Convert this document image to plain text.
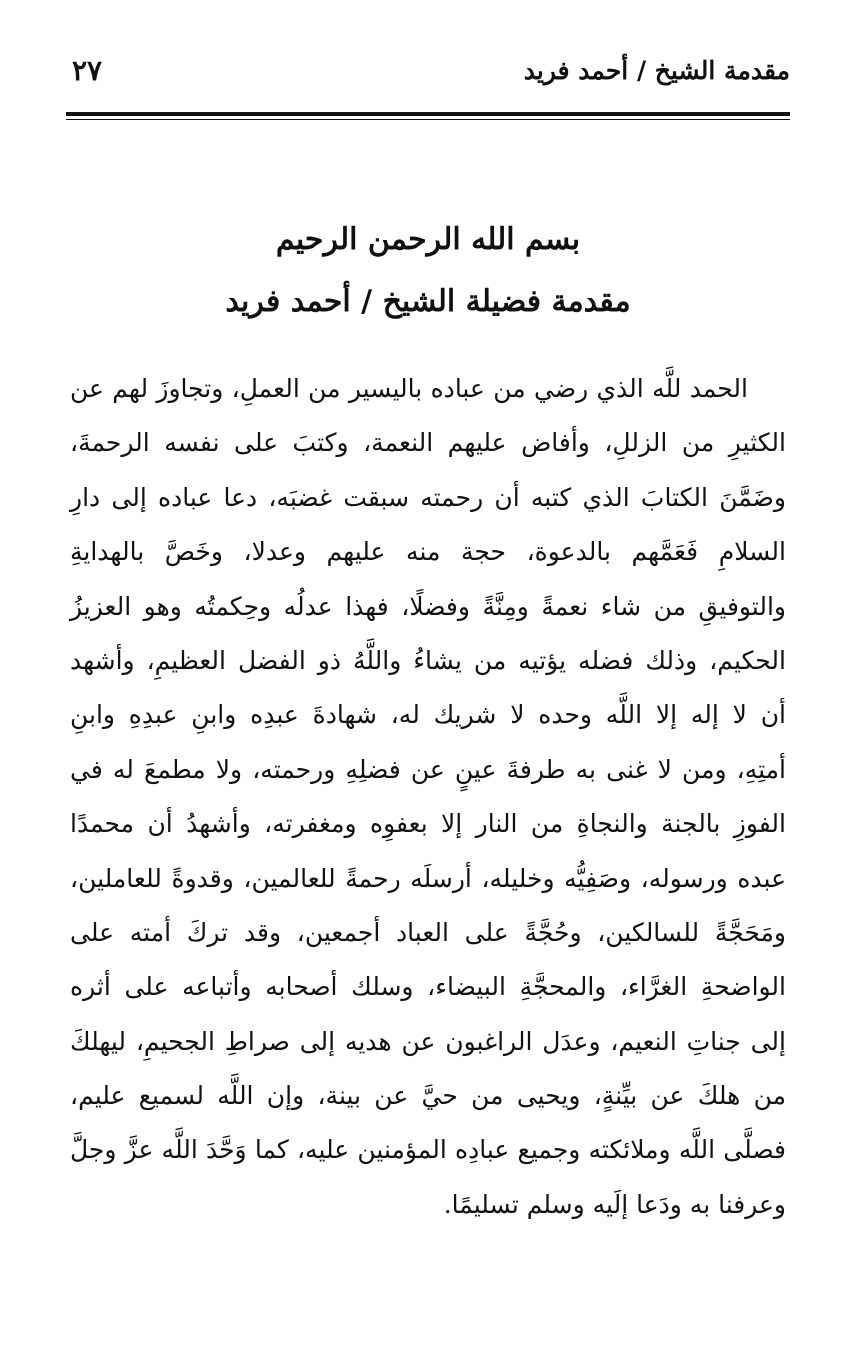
مقدمة الشيخ / أحمد فريد
٢٧
بسم الله الرحمن الرحيم
مقدمة فضيلة الشيخ / أحمد فريد
الحمد للَّه الذي رضي من عباده باليسير من العملِ، وتجاوزَ لهم عن
الكثيرِ من الزللِ، وأفاض عليهم النعمة، وكتبَ على نفسه الرحمةَ،
وضَمَّنَ الكتابَ الذي كتبه أن رحمته سبقت غضبَه، دعا عباده إلى دارِ
السلامِ فَعَمَّهم بالدعوة، حجة منه عليهم وعدلا، وخَصَّ بالهدايةِ
والتوفيقِ من شاء نعمةً ومِنَّةً وفضلًا، فهذا عدلُه وحِكمتُه وهو العزيزُ
الحكيم، وذلك فضله يؤتيه من يشاءُ واللَّهُ ذو الفضل العظيمِ، وأشهد
أن لا إله إلا اللَّه وحده لا شريك له، شهادةَ عبدِه وابنِ عبدِهِ وابنِ
أمتِهِ، ومن لا غنى به طرفةَ عينٍ عن فضلِهِ ورحمته، ولا مطمعَ له في
الفوزِ بالجنة والنجاةِ من النار إلا بعفوِه ومغفرته، وأشهدُ أن محمدًا
عبده ورسوله، وصَفِيُّه وخليله، أرسلَه رحمةً للعالمين، وقدوةً للعاملين،
ومَحَجَّةً للسالكين، وحُجَّةً على العباد أجمعين، وقد تركَ أمته على
الواضحةِ الغرَّاء، والمحجَّةِ البيضاء، وسلك أصحابه وأتباعه على أثره
إلى جناتِ النعيم، وعدَل الراغبون عن هديه إلى صراطِ الجحيمِ، ليهلكَ
من هلكَ عن بيِّنةٍ، ويحيى من حيَّ عن بينة، وإن اللَّه لسميع عليم،
فصلَّى اللَّه وملائكته وجميع عبادِه المؤمنين عليه، كما وَحَّدَ اللَّه عزَّ وجلَّ
وعرفنا به ودَعا إلَيه وسلم تسليمًا.
